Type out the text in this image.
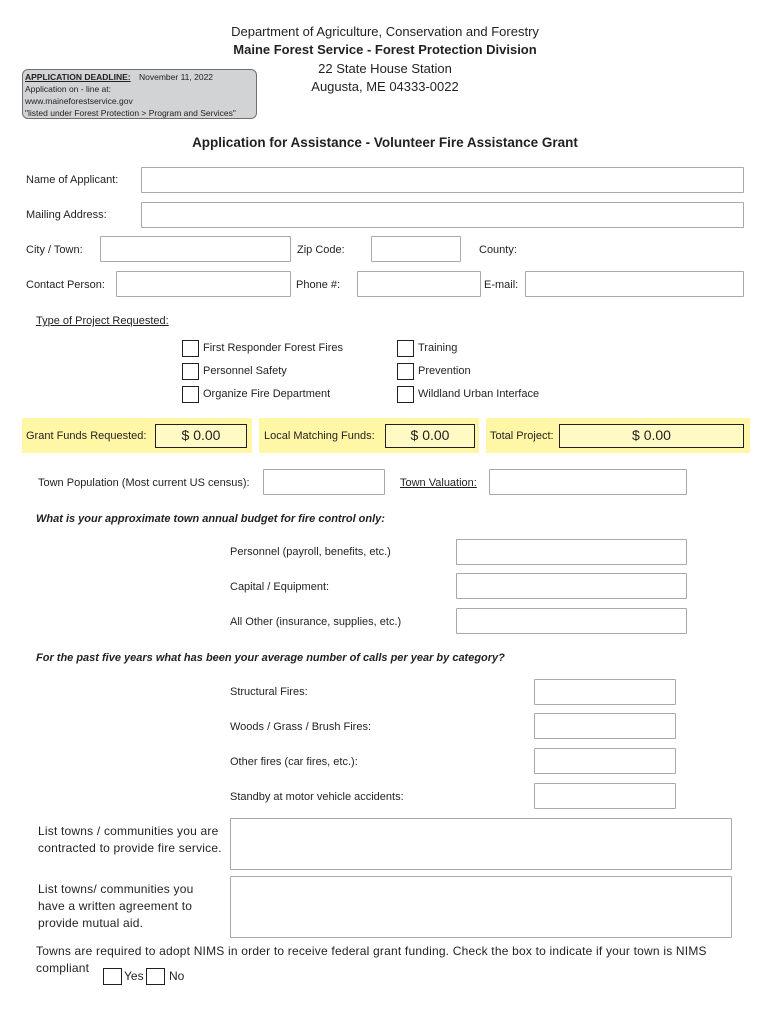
Department of Agriculture, Conservation and Forestry
Maine Forest Service - Forest Protection Division
22 State House Station
Augusta, ME 04333-0022
APPLICATION DEADLINE: November 11, 2022
Application on - line at:
www.maineforestservice.gov
"listed under Forest Protection > Program and Services"
Application for Assistance - Volunteer Fire Assistance Grant
Name of Applicant:
Mailing Address:
City / Town:	Zip Code:	County:
Contact Person:	Phone #:	E-mail:
Type of Project Requested:
First Responder Forest Fires
Personnel Safety
Organize Fire Department
Training
Prevention
Wildland Urban Interface
Grant Funds Requested:	$ 0.00	Local Matching Funds:	$ 0.00	Total Project:	$ 0.00
Town Population (Most current US census):	Town Valuation:
What is your approximate town annual budget for fire control only:
Personnel (payroll, benefits, etc.)
Capital / Equipment:
All Other (insurance, supplies, etc.)
For the past five years what has been your average number of calls per year by category?
Structural Fires:
Woods / Grass / Brush Fires:
Other fires (car fires, etc.):
Standby at motor vehicle accidents:
List towns / communities you are
contracted to provide fire service.
List towns/ communities you
have a written agreement to
provide mutual aid.
Towns are required to adopt NIMS in order to receive federal grant funding. Check the box to indicate if your town is NIMS
compliant
Yes No
